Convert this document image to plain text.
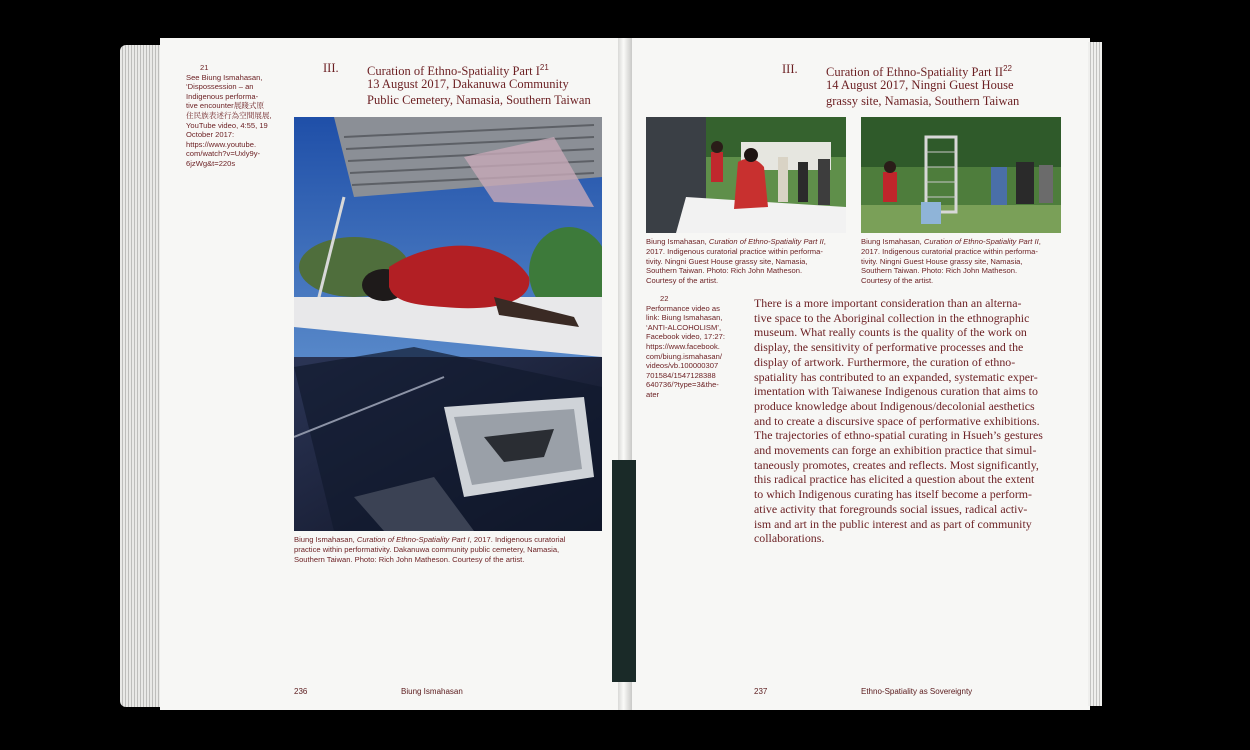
21
See Biung Ismahasan,
‘Dispossession – an
Indigenous performa-
tive encounter展踐式原
住民族表述行為空間展展,
YouTube video, 4:55, 19
October 2017:
https://www.youtube.
com/watch?v=Uxly9y-
6jzWg&t=220s
III. Curation of Ethno-Spatiality Part $I^{21}$
13 August 2017, Dakanuwa Community
Public Cemetery, Namasia, Southern Taiwan
Biung Ismahasan, Curation of Ethno-Spatiality Part I, 2017. Indigenous curatorial
practice within performativity. Dakanuwa community public cemetery, Namasia,
Southern Taiwan. Photo: Rich John Matheson. Courtesy of the artist.
236	Biung Ismahasan
III. Curation of Ethno-Spatiality Part II$^{22}$
14 August 2017, Ningni Guest House
grassy site, Namasia, Southern Taiwan
Biung Ismahasan, Curation of Ethno-Spatiality Part II,
2017. Indigenous curatorial practice within performa-
tivity. Ningni Guest House grassy site, Namasia,
Southern Taiwan. Photo: Rich John Matheson.
Courtesy of the artist.
Biung Ismahasan, Curation of Ethno-Spatiality Part II,
2017. Indigenous curatorial practice within performa-
tivity. Ningni Guest House grassy site, Namasia,
Southern Taiwan. Photo: Rich John Matheson.
Courtesy of the artist.
22
Performance video as
link: Biung Ismahasan,
‘ANTI-ALCOHOLISM’,
Facebook video, 17:27:
https://www.facebook.
com/biung.ismahasan/
videos/vb.100000307
701584/1547128388
640736/?type=3&the-
ater
There is a more important consideration than an alterna-
tive space to the Aboriginal collection in the ethnographic
museum. What really counts is the quality of the work on
display, the sensitivity of performative processes and the
display of artwork. Furthermore, the curation of ethno-
spatiality has contributed to an expanded, systematic exper-
imentation with Taiwanese Indigenous curation that aims to
produce knowledge about Indigenous/decolonial aesthetics
and to create a discursive space of performative exhibitions.
The trajectories of ethno-spatial curating in Hsueh’s gestures
and movements can forge an exhibition practice that simul-
taneously promotes, creates and reflects. Most significantly,
this radical practice has elicited a question about the extent
to which Indigenous curating has itself become a perform-
ative activity that foregrounds social issues, radical activ-
ism and art in the public interest and as part of community
collaborations.
237	Ethno-Spatiality as Sovereignty
